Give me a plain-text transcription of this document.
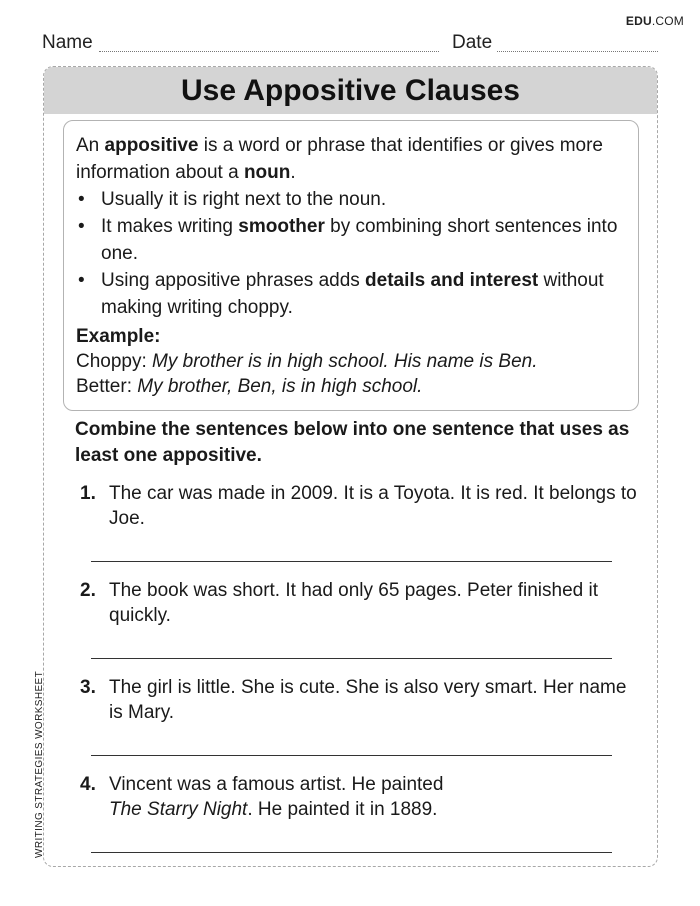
EDU.COM
Name	Date
Use Appositive Clauses

An appositive is a word or phrase that identifies or gives more information about a noun.

• Usually it is right next to the noun.
• It makes writing smoother by combining short sentences into one.
• Using appositive phrases adds details and interest without making writing choppy.
Example:
Choppy: My brother is in high school. His name is Ben.
Better: My brother, Ben, is in high school.
Combine the sentences below into one sentence that uses as least one appositive.
1. The car was made in 2009. It is a Toyota. It is red. It belongs to Joe.
2. The book was short. It had only 65 pages. Peter finished it quickly.
3. The girl is little. She is cute. She is also very smart. Her name is Mary.
4. Vincent was a famous artist. He painted
The Starry Night. He painted it in 1889.
WRITING STRATEGIES WORKSHEET
